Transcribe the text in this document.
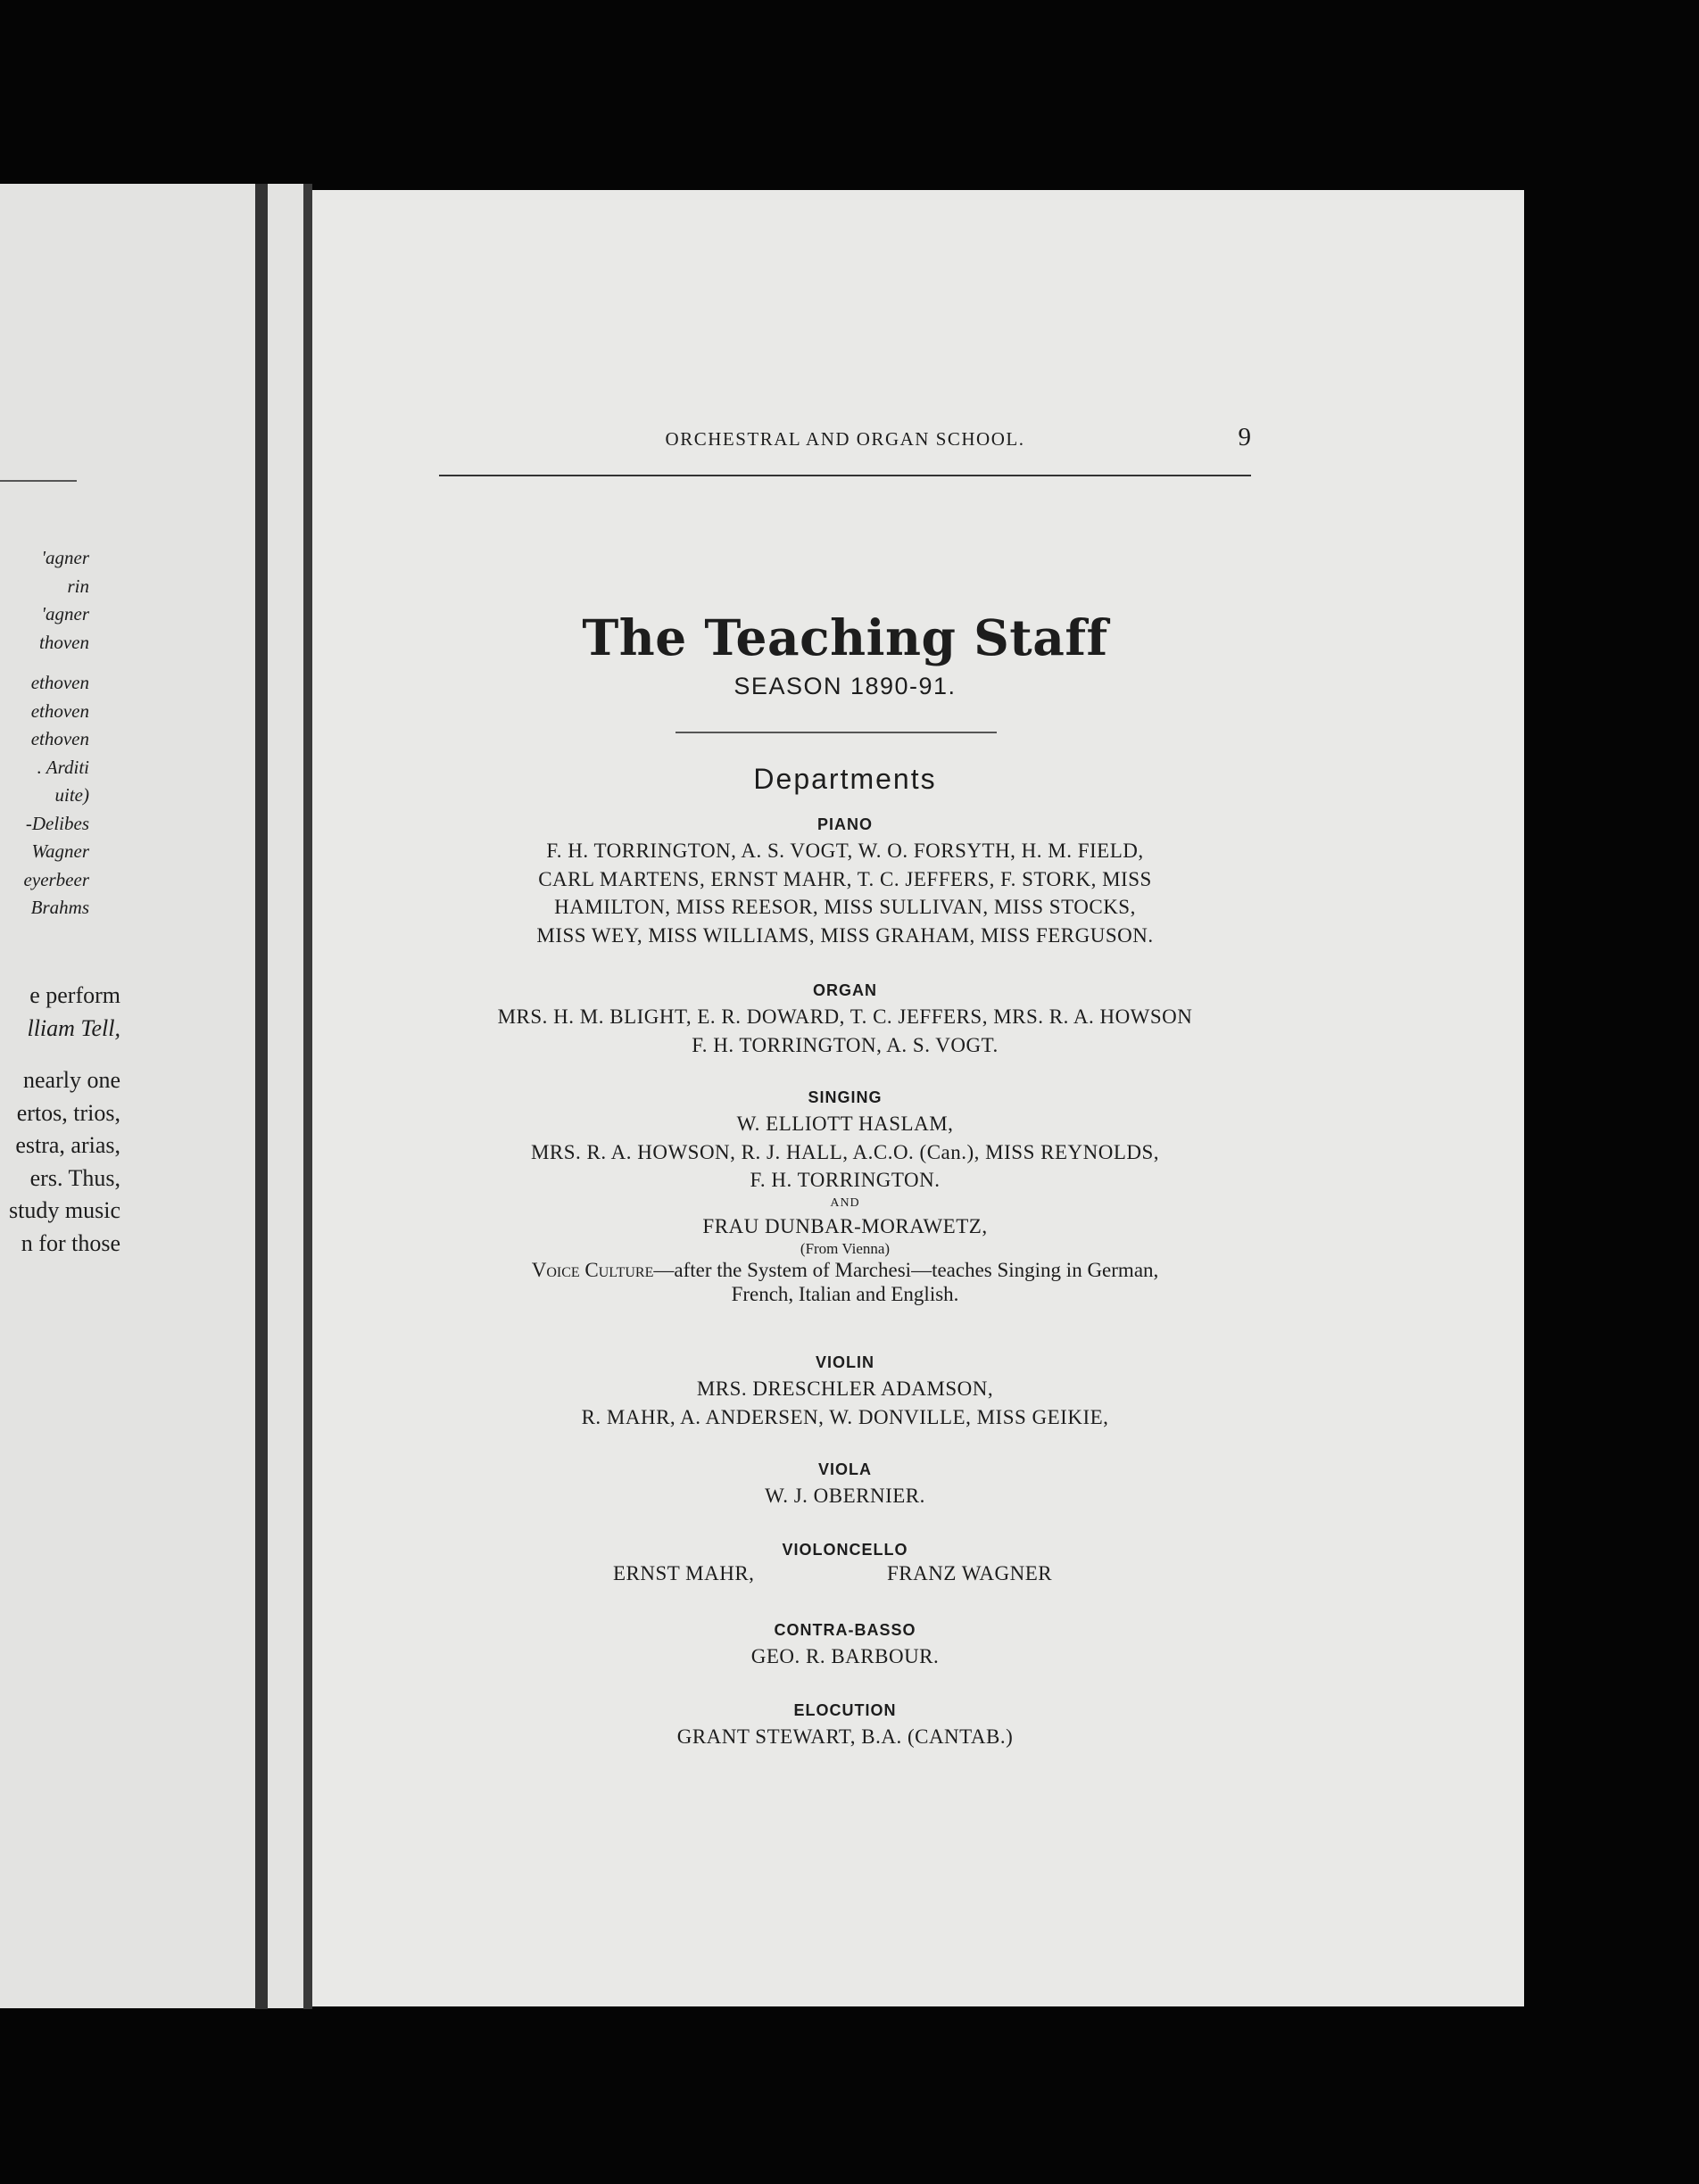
'agner
rin
'agner
thoven
ethoven
ethoven
ethoven
. Arditi
uite)
-Delibes
Wagner
eyerbeer
Brahms
e perform
lliam Tell,
nearly one
ertos, trios,
estra, arias,
ers. Thus,
study music
n for those
ORCHESTRAL AND ORGAN SCHOOL.	9
The Teaching Staff
SEASON 1890-91.
Departments
PIANO
F. H. TORRINGTON, A. S. VOGT, W. O. FORSYTH, H. M. FIELD,
CARL MARTENS, ERNST MAHR, T. C. JEFFERS, F. STORK, MISS
HAMILTON, MISS REESOR, MISS SULLIVAN, MISS STOCKS,
MISS WEY, MISS WILLIAMS, MISS GRAHAM, MISS FERGUSON.
ORGAN
MRS. H. M. BLIGHT, E. R. DOWARD, T. C. JEFFERS, MRS. R. A. HOWSON
F. H. TORRINGTON, A. S. VOGT.
SINGING
W. ELLIOTT HASLAM,
MRS. R. A. HOWSON, R. J. HALL, A.C.O. (Can.), MISS REYNOLDS,
F. H. TORRINGTON.
AND
FRAU DUNBAR-MORAWETZ,
(From Vienna)
Voice Culture—after the System of Marchesi—teaches Singing in German,
French, Italian and English.
VIOLIN
MRS. DRESCHLER ADAMSON,
R. MAHR, A. ANDERSEN, W. DONVILLE, MISS GEIKIE,
VIOLA
W. J. OBERNIER.
VIOLONCELLO
ERNST MAHR,	FRANZ WAGNER
CONTRA-BASSO
GEO. R. BARBOUR.
ELOCUTION
GRANT STEWART, B.A. (CANTAB.)
